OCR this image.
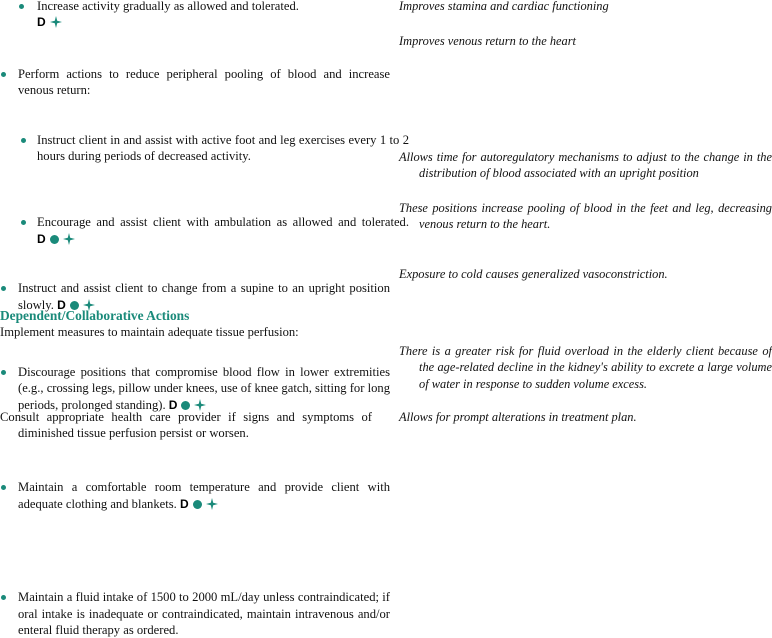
Increase activity gradually as allowed and tolerated.
D
Improves stamina and cardiac functioning
Perform actions to reduce peripheral pooling of blood and increase venous return:
Improves venous return to the heart
Instruct client in and assist with active foot and leg exercises every 1 to 2 hours during periods of decreased activity.
Encourage and assist client with ambulation as allowed and tolerated. D
Instruct and assist client to change from a supine to an upright position slowly. D
Allows time for autoregulatory mechanisms to adjust to the change in the distribution of blood associated with an upright position
Discourage positions that compromise blood flow in lower extremities (e.g., crossing legs, pillow under knees, use of knee gatch, sitting for long periods, prolonged standing). D
These positions increase pooling of blood in the feet and leg, decreasing venous return to the heart.
Maintain a comfortable room temperature and provide client with adequate clothing and blankets. D
Exposure to cold causes generalized vasoconstriction.
Dependent/Collaborative Actions
Implement measures to maintain adequate tissue perfusion:
Maintain a fluid intake of 1500 to 2000 mL/day unless contraindicated; if oral intake is inadequate or contraindicated, maintain intravenous and/or enteral fluid therapy as ordered.
There is a greater risk for fluid overload in the elderly client because of the age-related decline in the kidney's ability to excrete a large volume of water in response to sudden volume excess.
Consult appropriate health care provider if signs and symptoms of diminished tissue perfusion persist or worsen.
Allows for prompt alterations in treatment plan.
